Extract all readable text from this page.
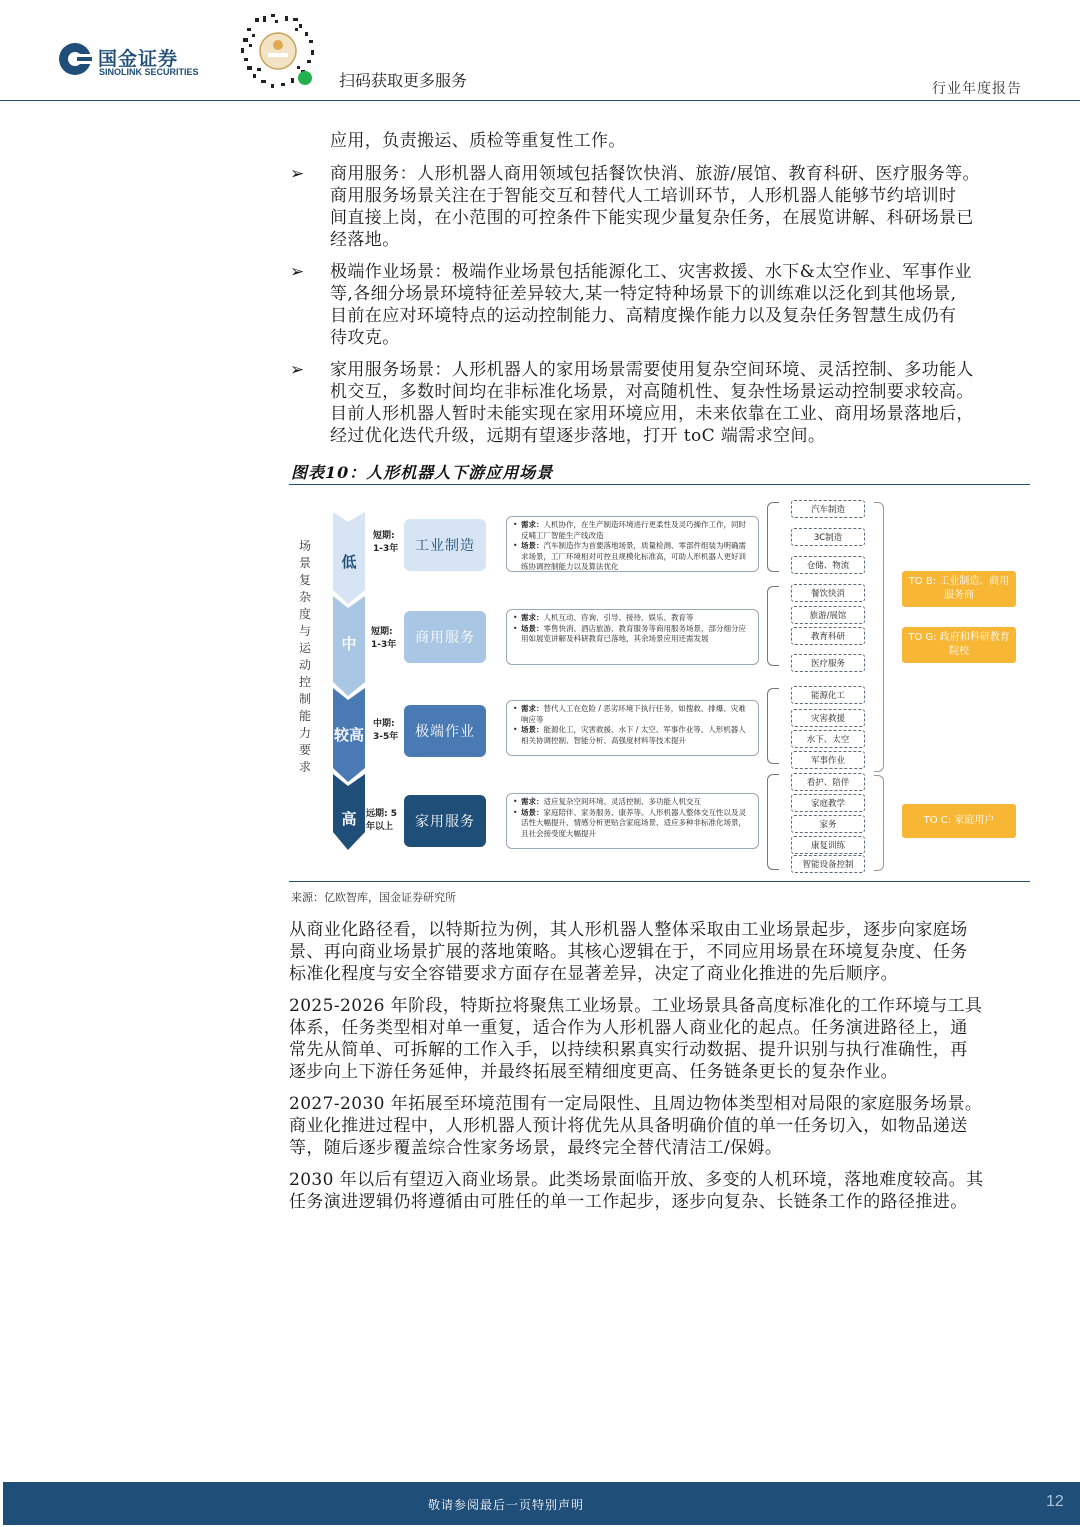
国金证券
SINOLINK SECURITIES	扫码获取更多服务	行业年度报告
应用，负责搬运、质检等重复性工作。
➢ 商用服务：人形机器人商用领域包括餐饮快消、旅游/展馆、教育科研、医疗服务等。
商用服务场景关注在于智能交互和替代人工培训环节，人形机器人能够节约培训时
间直接上岗，在小范围的可控条件下能实现少量复杂任务，在展览讲解、科研场景已
经落地。
➢ 极端作业场景：极端作业场景包括能源化工、灾害救援、水下&太空作业、军事作业
等,各细分场景环境特征差异较大,某一特定特种场景下的训练难以泛化到其他场景,
目前在应对环境特点的运动控制能力、高精度操作能力以及复杂任务智慧生成仍有
待攻克。
➢ 家用服务场景：人形机器人的家用场景需要使用复杂空间环境、灵活控制、多功能人
机交互，多数时间均在非标准化场景，对高随机性、复杂性场景运动控制要求较高。
目前人形机器人暂时未能实现在家用环境应用，未来依靠在工业、商用场景落地后，
经过优化迭代升级，远期有望逐步落地，打开 toC 端需求空间。
图表10：人形机器人下游应用场景
场景复杂度与运动控制能力要求
低
中
较高
高
短期:
1-3年
短期:
1-3年
中期:
3-5年
远期: 5
年以上
工业制造
商用服务
极端作业
家用服务
• 需求：人机协作，在生产制造环境进行更柔性及灵巧操作工作，同时反哺工厂智能生产线改造
• 场景：汽车制造作为首要落地场景，质量检测、零部件组装为明确需求场景，工厂环境相对可控且规模化标准高，可助人形机器人更好训练协调控制能力以及算法优化
• 需求：人机互动、咨询、引导、接待、娱乐、教育等
• 场景：零售快消、酒店旅游、教育服务等商用服务场景，部分细分应用如展览讲解及科研教育已落地，其余场景应用还需发展
• 需求：替代人工在危险 / 恶劣环境下执行任务，如搜救、排爆、灾难响应等
• 场景：能源化工，灾害救援、水下 / 太空、军事作业等。人形机器人相关协调控制、智能分析、高强度材料等技术提升
• 需求：适应复杂空间环境、灵活控制、多功能人机交互
• 场景：家庭陪伴、家务服务、康养等。人形机器人整体交互性以及灵活性大幅提升、情感分析更贴合家庭场景、适应多种非标准化场景，且社会接受度大幅提升
汽车制造
3C制造
仓储、物流
餐饮快消
旅游/展馆
教育科研
医疗服务
能源化工
灾害救援
水下、太空
军事作业
看护、陪伴
家庭教学
家务
康复训练
智能设备控制
TO B: 工业制造、商用服务商
TO G: 政府和科研教育院校
TO C: 家庭用户
来源：亿欧智库，国金证券研究所
从商业化路径看，以特斯拉为例，其人形机器人整体采取由工业场景起步，逐步向家庭场
景、再向商业场景扩展的落地策略。其核心逻辑在于，不同应用场景在环境复杂度、任务
标准化程度与安全容错要求方面存在显著差异，决定了商业化推进的先后顺序。
2025-2026 年阶段，特斯拉将聚焦工业场景。工业场景具备高度标准化的工作环境与工具
体系，任务类型相对单一重复，适合作为人形机器人商业化的起点。任务演进路径上，通
常先从简单、可拆解的工作入手，以持续积累真实行动数据、提升识别与执行准确性，再
逐步向上下游任务延伸，并最终拓展至精细度更高、任务链条更长的复杂作业。
2027-2030 年拓展至环境范围有一定局限性、且周边物体类型相对局限的家庭服务场景。
商业化推进过程中，人形机器人预计将优先从具备明确价值的单一任务切入，如物品递送
等，随后逐步覆盖综合性家务场景，最终完全替代清洁工/保姆。
2030 年以后有望迈入商业场景。此类场景面临开放、多变的人机环境，落地难度较高。其
任务演进逻辑仍将遵循由可胜任的单一工作起步，逐步向复杂、长链条工作的路径推进。
敬请参阅最后一页特别声明	12
